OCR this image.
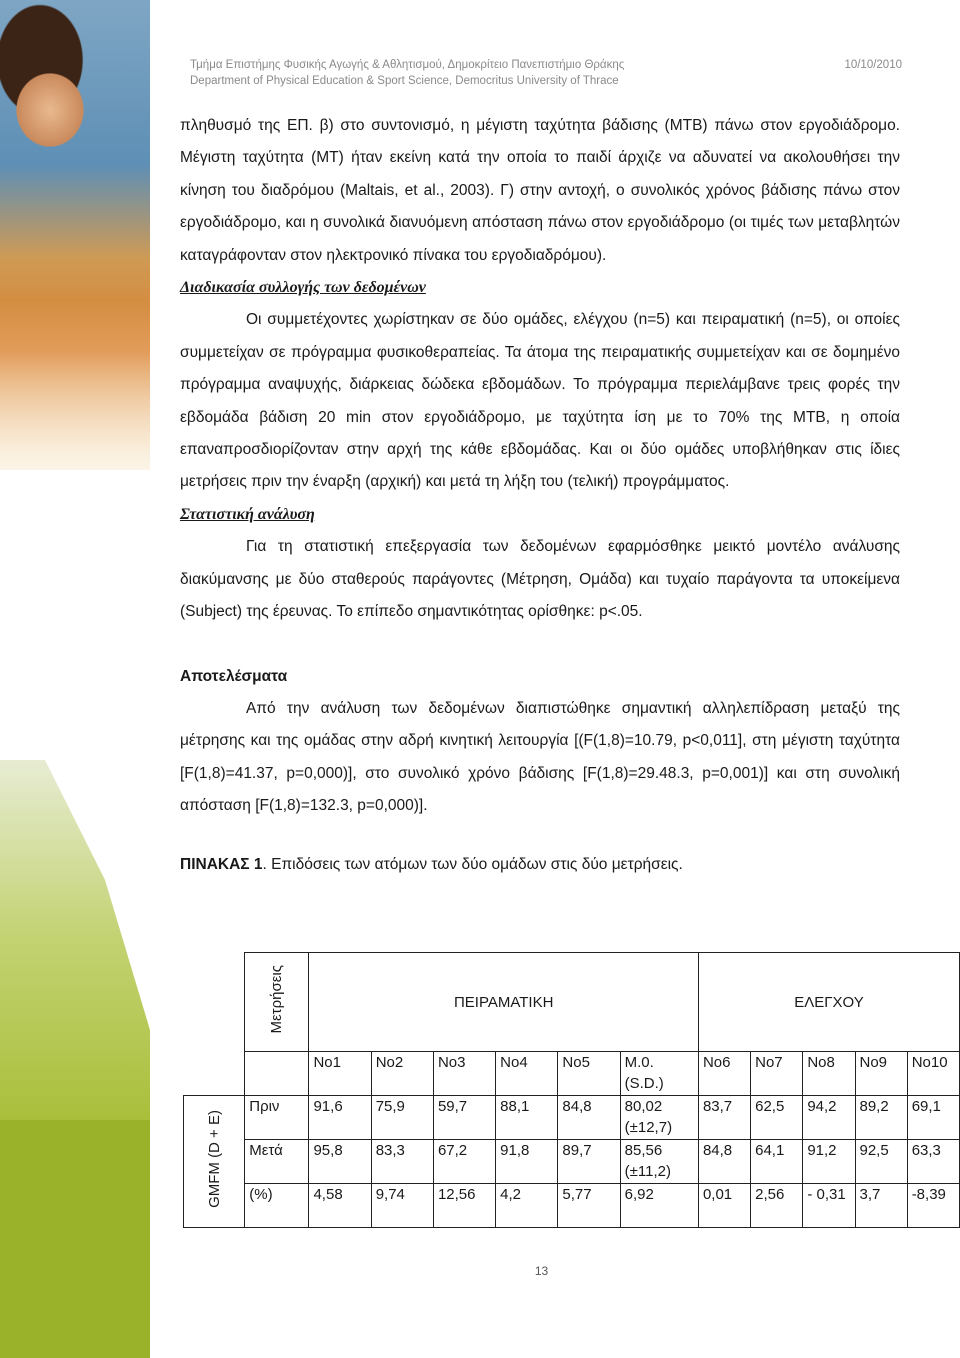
Τμήμα Επιστήμης Φυσικής Αγωγής & Αθλητισμού, Δημοκρίτειο Πανεπιστήμιο Θράκης	10/10/2010
Department of Physical Education & Sport Science, Democritus University of Thrace

πληθυσμό της ΕΠ. β) στο συντονισμό, η μέγιστη ταχύτητα βάδισης (ΜΤΒ) πάνω στον εργοδιάδρομο. Μέγιστη ταχύτητα (ΜΤ) ήταν εκείνη κατά την οποία το παιδί άρχιζε να αδυνατεί να ακολουθήσει την κίνηση του διαδρόμου (Maltais, et al., 2003). Γ) στην αντοχή, ο συνολικός χρόνος βάδισης πάνω στον εργοδιάδρομο, και η συνολικά διανυόμενη απόσταση πάνω στον εργοδιάδρομο (οι τιμές των μεταβλητών καταγράφονταν στον ηλεκτρονικό πίνακα του εργοδιαδρόμου).

Διαδικασία συλλογής των δεδομένων

Οι συμμετέχοντες χωρίστηκαν σε δύο ομάδες, ελέγχου (n=5) και πειραματική (n=5), οι οποίες συμμετείχαν σε πρόγραμμα φυσικοθεραπείας. Τα άτομα της πειραματικής συμμετείχαν και σε δομημένο πρόγραμμα αναψυχής, διάρκειας δώδεκα εβδομάδων. Το πρόγραμμα περιελάμβανε τρεις φορές την εβδομάδα βάδιση 20 min στον εργοδιάδρομο, με ταχύτητα ίση με το 70% της ΜΤΒ, η οποία επαναπροσδιορίζονταν στην αρχή της κάθε εβδομάδας. Και οι δύο ομάδες υποβλήθηκαν στις ίδιες μετρήσεις πριν την έναρξη (αρχική) και μετά τη λήξη του (τελική) προγράμματος.

Στατιστική ανάλυση

Για τη στατιστική επεξεργασία των δεδομένων εφαρμόσθηκε μεικτό μοντέλο ανάλυσης διακύμανσης με δύο σταθερούς παράγοντες (Μέτρηση, Ομάδα) και τυχαίο παράγοντα τα υποκείμενα (Subject) της έρευνας. Το επίπεδο σημαντικότητας ορίσθηκε: p<.05.

Αποτελέσματα

Από την ανάλυση των δεδομένων διαπιστώθηκε σημαντική αλληλεπίδραση μεταξύ της μέτρησης και της ομάδας στην αδρή κινητική λειτουργία [(F(1,8)=10.79, p<0,011], στη μέγιστη ταχύτητα [F(1,8)=41.37, p=0,000)], στο συνολικό χρόνο βάδισης [F(1,8)=29.48.3, p=0,001)] και στη συνολική απόσταση [F(1,8)=132.3, p=0,000)].

ΠΙΝΑΚΑΣ 1. Επιδόσεις των ατόμων των δύο ομάδων στις δύο μετρήσεις.

	Μετρήσεις	ΠΕΙΡΑΜΑΤΙΚΗ						ΕΛΕΓΧΟΥ				
		No1	No2	No3	No4	No5	M.0. (S.D.)	No6	No7	No8	No9	No10
GMFM (D + E)	Πριν	91,6	75,9	59,7	88,1	84,8	80,02 (±12,7)	83,7	62,5	94,2	89,2	69,1
	Μετά	95,8	83,3	67,2	91,8	89,7	85,56 (±11,2)	84,8	64,1	91,2	92,5	63,3
	(%)	4,58	9,74	12,56	4,2	5,77	6,92	0,01	2,56	- 0,31	3,7	-8,39
13
